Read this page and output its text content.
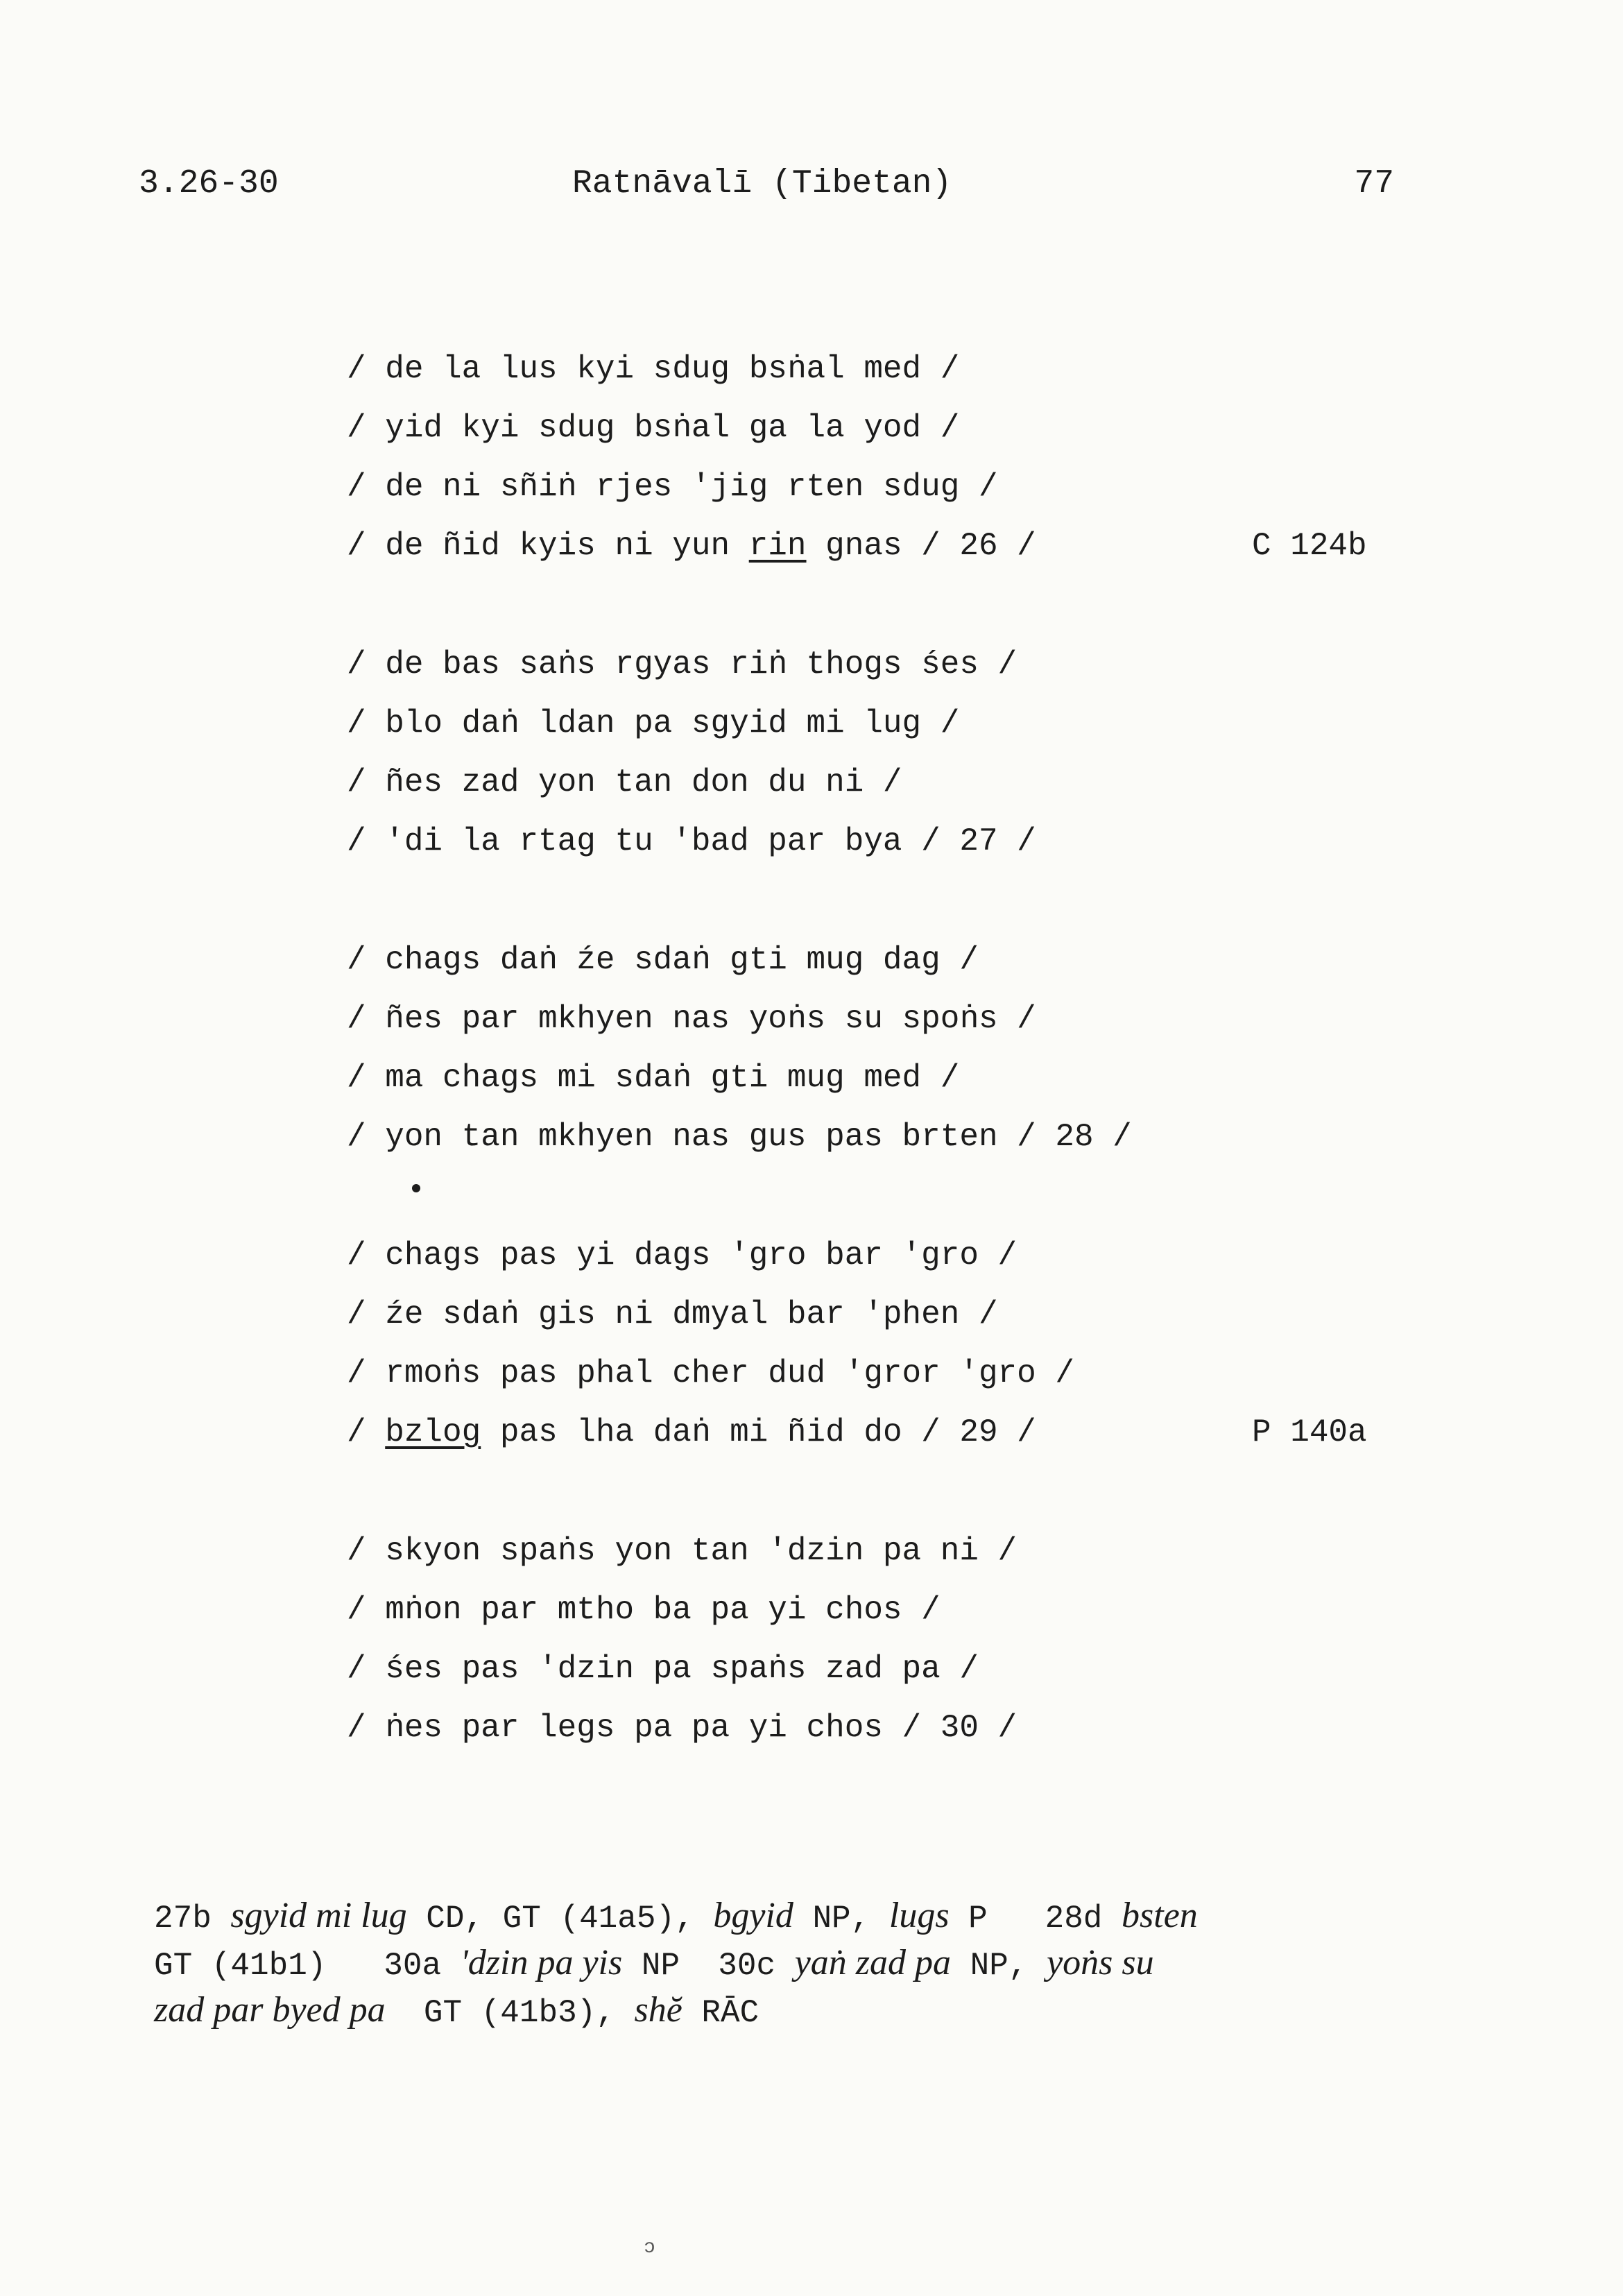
3.26-30	Ratnāvalī (Tibetan)	77
/ de la lus kyi sdug bsṅal med /
/ yid kyi sdug bsṅal ga la yod /
/ de ni sñiṅ rjes 'jig rten sdug /
/ de ñid kyis ni yun rin gnas / 26 /	C 124b
/ de bas saṅs rgyas riṅ thogs śes /
/ blo daṅ ldan pa sgyid mi lug /
/ ñes zad yon tan don du ni /
/ 'di la rtag tu 'bad par bya / 27 /
/ chags daṅ źe sdaṅ gti mug dag /
/ ñes par mkhyen nas yoṅs su spoṅs /
/ ma chags mi sdaṅ gti mug med /
/ yon tan mkhyen nas gus pas brten / 28 /
/ chags pas yi dags 'gro bar 'gro /
/ źe sdaṅ gis ni dmyal bar 'phen /
/ rmoṅs pas phal cher dud 'gror 'gro /
/ bzlog pas lha daṅ mi ñid do / 29 /	P 140a
/ skyon spaṅs yon tan 'dzin pa ni /
/ mṅon par mtho ba pa yi chos /
/ śes pas 'dzin pa spaṅs zad pa /
/ ṅes par legs pa pa yi chos / 30 /
27b sgyid mi lug CD, GT (41a5), bgyid NP, lugs P   28d bsten
GT (41b1)   30a 'dzin pa yis NP  30c yaṅ zad pa NP, yoṅs su
zad par byed pa  GT (41b3), shĕ RĀC
ɔ
